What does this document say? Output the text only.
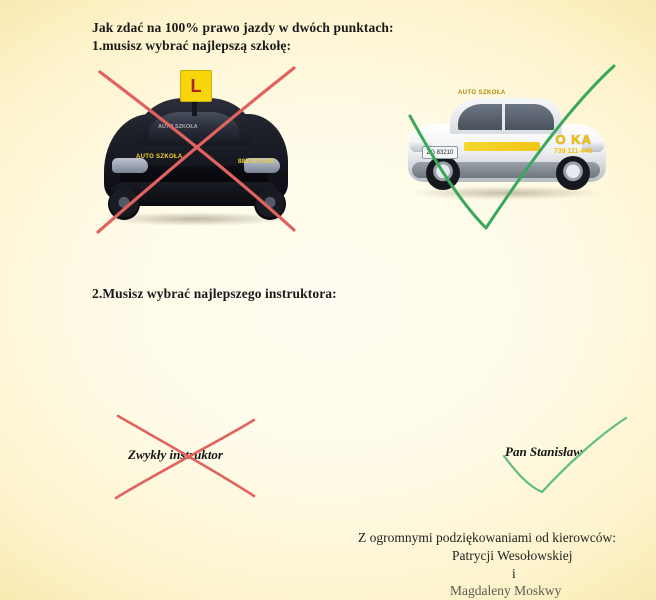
Jak zdać na 100% prawo jazdy w dwóch punktach:
1.musisz wybrać najlepszą szkołę:
AUTO SZKOŁA
AUTO SZKOŁA
888 321 642
L	AUTO SZKOŁA
ZG 83210
O KA
739 111 448
2.Musisz wybrać najlepszego instruktora:
Zwykły instruktor	Pan Stanisław
Z ogromnymi podziękowaniami od kierowców:
Patrycji Wesołowskiej
i
Magdaleny Moskwy
